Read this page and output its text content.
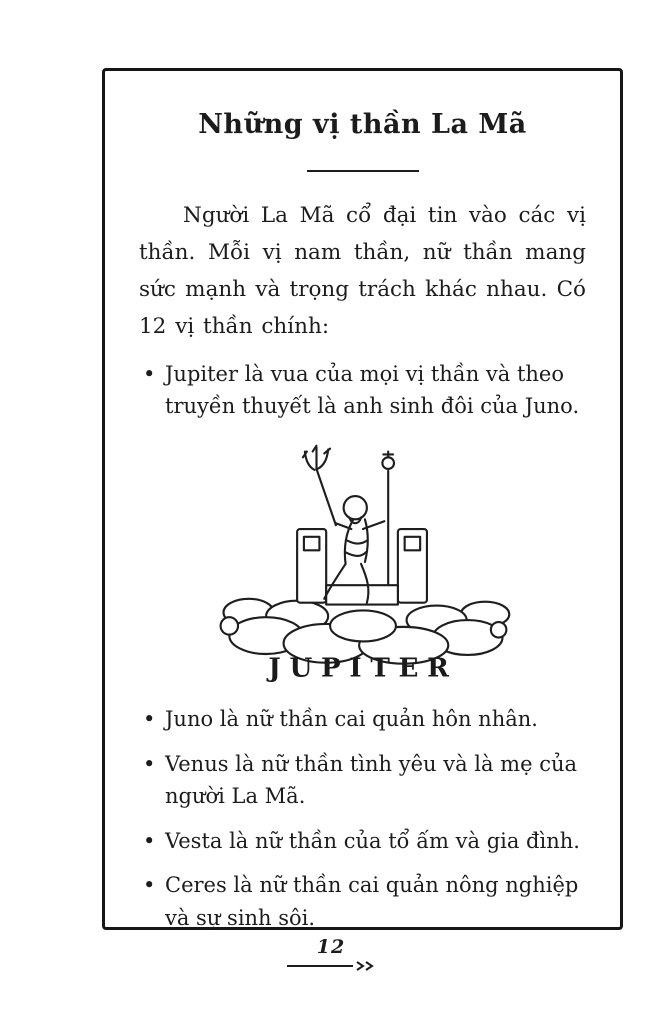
Những vị thần La Mã

Người La Mã cổ đại tin vào các vị thần. Mỗi vị nam thần, nữ thần mang sức mạnh và trọng trách khác nhau. Có 12 vị thần chính:

• Jupiter là vua của mọi vị thần và theo truyền thuyết là anh sinh đôi của Juno.
JUPITER
• Juno là nữ thần cai quản hôn nhân.
• Venus là nữ thần tình yêu và là mẹ của người La Mã.
• Vesta là nữ thần của tổ ấm và gia đình.
• Ceres là nữ thần cai quản nông nghiệp và sự sinh sôi.
12
